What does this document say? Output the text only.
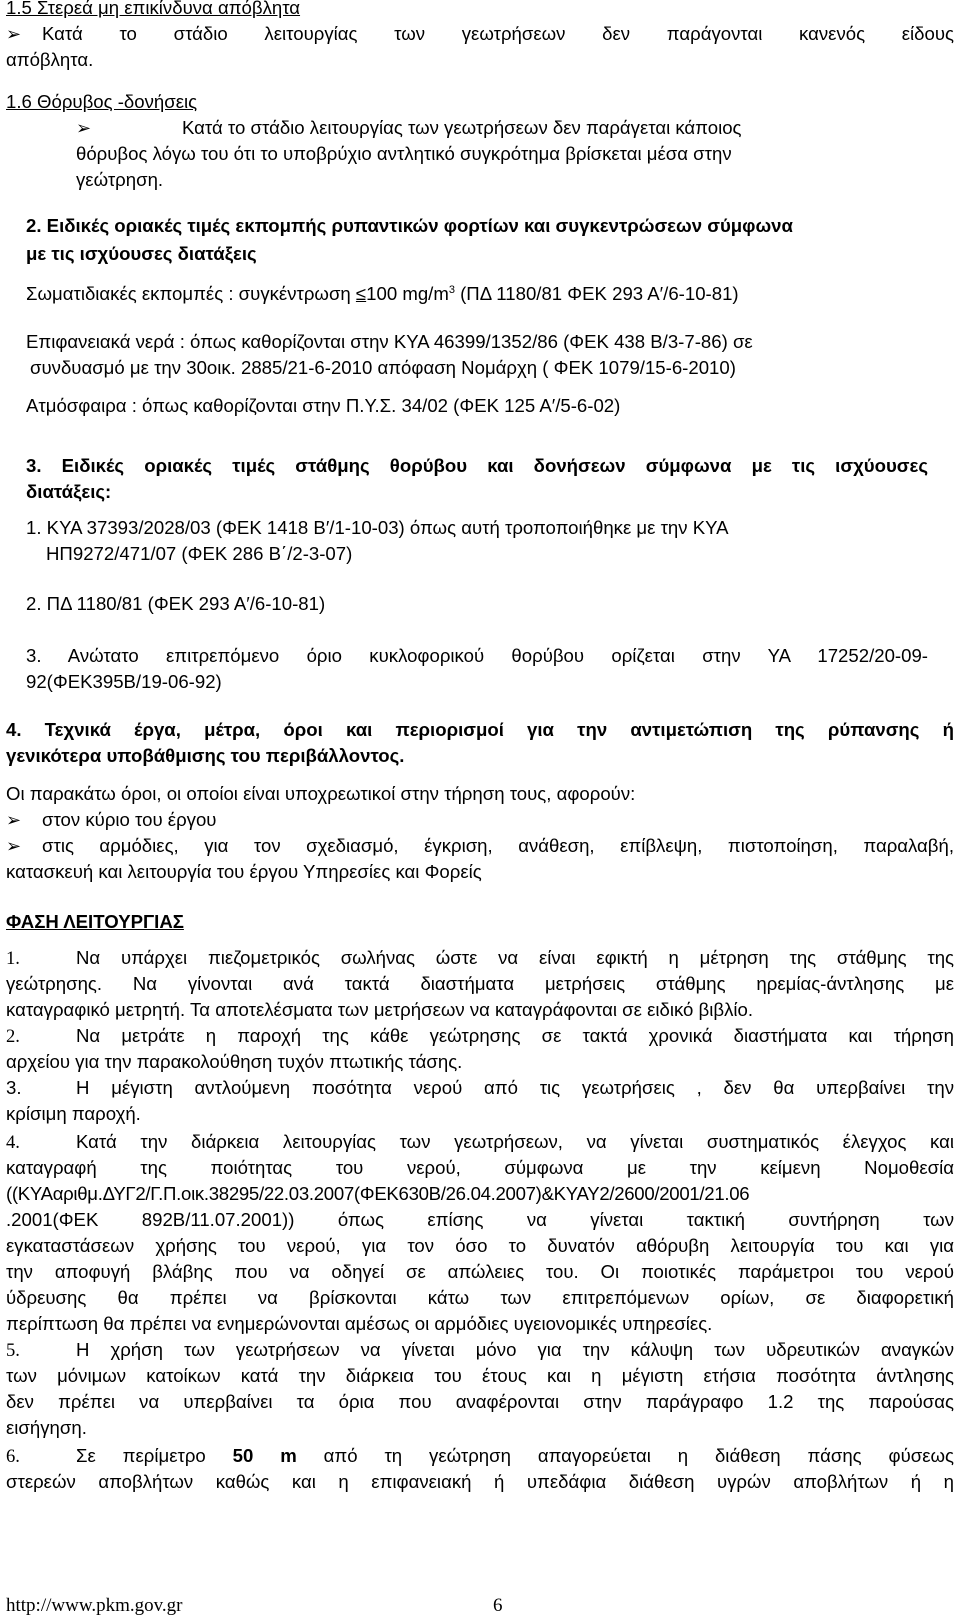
1.5 Στερεά μη επικίνδυνα απόβλητα
➢ Κατά το στάδιο λειτουργίας των γεωτρήσεων δεν παράγονται κανενός είδους
απόβλητα.
1.6 Θόρυβος -δονήσεις
➢	Κατά το στάδιο λειτουργίας των γεωτρήσεων δεν παράγεται κάποιος
θόρυβος λόγω του ότι το υποβρύχιο αντλητικό συγκρότημα βρίσκεται μέσα στην
γεώτρηση.
2. Ειδικές οριακές τιμές εκπομπής ρυπαντικών φορτίων και συγκεντρώσεων σύμφωνα
με τις ισχύουσες διατάξεις
Σωματιδιακές εκπομπές : συγκέντρωση ≤100 $mg/m^3$ (ΠΔ 1180/81 ΦΕΚ 293 Α′/6-10-81)
Επιφανειακά νερά : όπως καθορίζονται στην ΚΥΑ 46399/1352/86 (ΦΕΚ 438 Β/3-7-86) σε
συνδυασμό με την 30οικ. 2885/21-6-2010 απόφαση Νομάρχη ( ΦΕΚ 1079/15-6-2010)
Ατμόσφαιρα : όπως καθορίζονται στην Π.Υ.Σ. 34/02 (ΦΕΚ 125 Α′/5-6-02)
3. Ειδικές οριακές τιμές στάθμης θορύβου και δονήσεων σύμφωνα με τις ισχύουσες
διατάξεις:
1. ΚΥΑ 37393/2028/03 (ΦΕΚ 1418 Β′/1-10-03) όπως αυτή τροποποιήθηκε με την ΚΥΑ
ΗΠ9272/471/07 (ΦΕΚ 286 Β΄/2-3-07)
2. ΠΔ 1180/81 (ΦΕΚ 293 Α′/6-10-81)
3. Ανώτατο επιτρεπόμενο όριο κυκλοφορικού θορύβου ορίζεται στην ΥΑ 17252/20-09-
92(ΦΕΚ395Β/19-06-92)
4. Τεχνικά έργα, μέτρα, όροι και περιορισμοί για την αντιμετώπιση της ρύπανσης ή
γενικότερα υποβάθμισης του περιβάλλοντος.
Οι παρακάτω όροι, οι οποίοι είναι υποχρεωτικοί στην τήρηση τους, αφορούν:
➢ στον κύριο του έργου
➢ στις αρμόδιες, για τον σχεδιασμό, έγκριση, ανάθεση, επίβλεψη, πιστοποίηση, παραλαβή,
κατασκευή και λειτουργία του έργου Υπηρεσίες και Φορείς
ΦΑΣΗ ΛΕΙΤΟΥΡΓΙΑΣ
1.	Να υπάρχει πιεζομετρικός σωλήνας ώστε να είναι εφικτή η μέτρηση της στάθμης της
γεώτρησης. Να γίνονται ανά τακτά διαστήματα μετρήσεις στάθμης ηρεμίας-άντλησης με
καταγραφικό μετρητή. Τα αποτελέσματα των μετρήσεων να καταγράφονται σε ειδικό βιβλίο.
2.	Να μετράτε η παροχή της κάθε γεώτρησης σε τακτά χρονικά διαστήματα και τήρηση
αρχείου για την παρακολούθηση τυχόν πτωτικής τάσης.
3.	Η μέγιστη αντλούμενη ποσότητα νερού από τις γεωτρήσεις , δεν θα υπερβαίνει την
κρίσιμη παροχή.
4.	Κατά την διάρκεια λειτουργίας των γεωτρήσεων, να γίνεται συστηματικός έλεγχος και
καταγραφή της ποιότητας του νερού, σύμφωνα με την κείμενη Νομοθεσία
((ΚΥΑαριθμ.ΔΥΓ2/Γ.Π.οικ.38295/22.03.2007(ΦΕΚ630Β/26.04.2007)&ΚΥΑΥ2/2600/2001/21.06
.2001(ΦΕΚ 892Β/11.07.2001)) όπως επίσης να γίνεται τακτική συντήρηση των
εγκαταστάσεων χρήσης του νερού, για τον όσο το δυνατόν αθόρυβη λειτουργία του και για
την αποφυγή βλάβης που να οδηγεί σε απώλειες του. Οι ποιοτικές παράμετροι του νερού
ύδρευσης θα πρέπει να βρίσκονται κάτω των επιτρεπόμενων ορίων, σε διαφορετική
περίπτωση θα πρέπει να ενημερώνονται αμέσως οι αρμόδιες υγειονομικές υπηρεσίες.
5.	Η χρήση των γεωτρήσεων να γίνεται μόνο για την κάλυψη των υδρευτικών αναγκών
των μόνιμων κατοίκων κατά την διάρκεια του έτους και η μέγιστη ετήσια ποσότητα άντλησης
δεν πρέπει να υπερβαίνει τα όρια που αναφέρονται στην παράγραφο 1.2 της παρούσας
εισήγηση.
6.	Σε περίμετρο 50 m από τη γεώτρηση απαγορεύεται η διάθεση πάσης φύσεως
στερεών αποβλήτων καθώς και η επιφανειακή ή υπεδάφια διάθεση υγρών αποβλήτων ή η
http://www.pkm.gov.gr	6
